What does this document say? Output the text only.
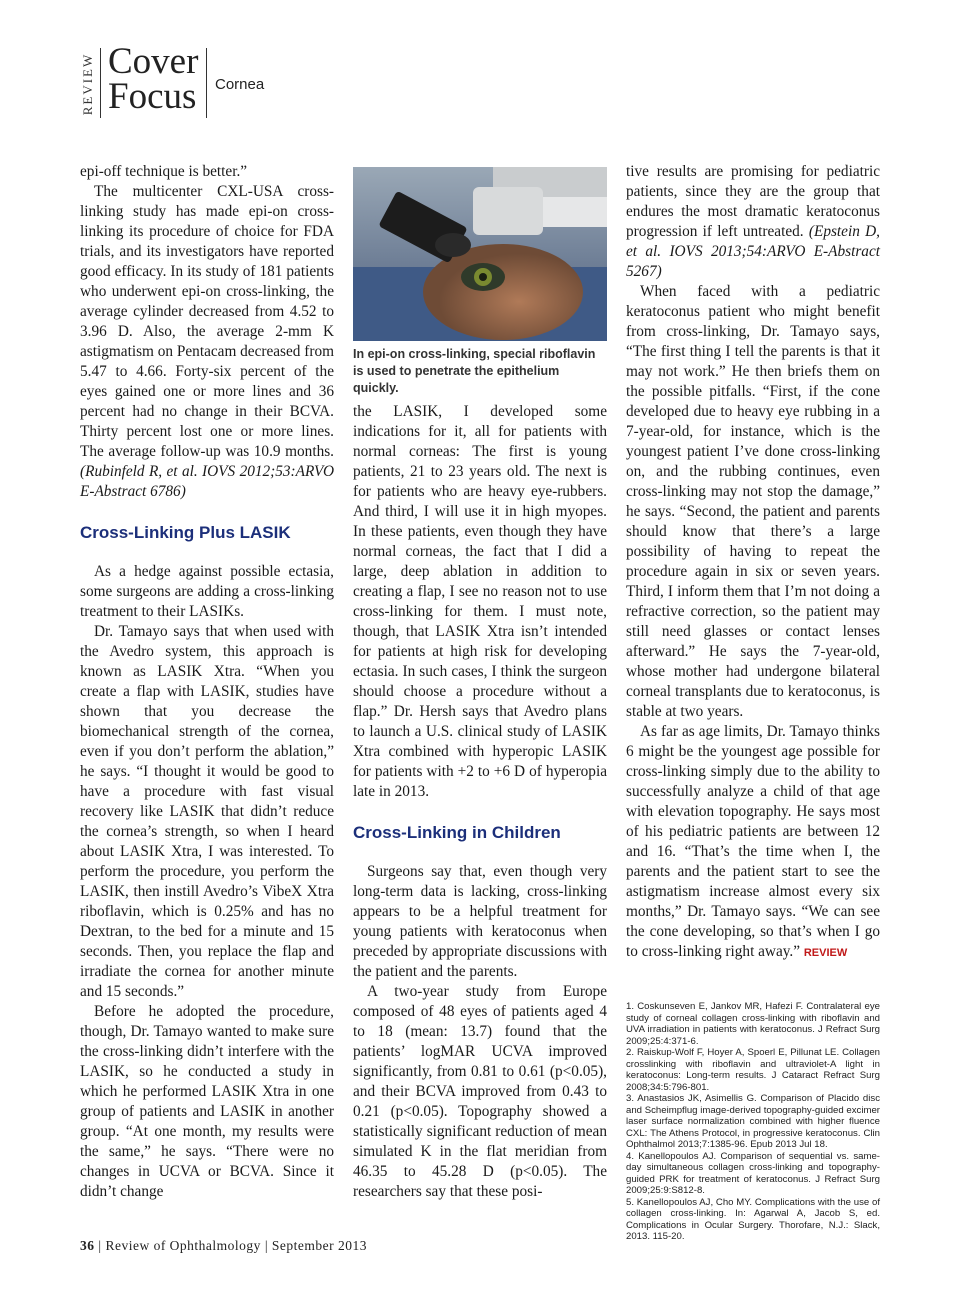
REVIEW Cover
Focus Cornea

epi-off technique is better.”

The multicenter CXL-USA cross-linking study has made epi-on cross-linking its procedure of choice for FDA trials, and its investigators have reported good efficacy. In its study of 181 patients who underwent epi-on cross-linking, the average cylinder decreased from 4.52 to 3.96 D. Also, the average 2-mm K astigmatism on Pentacam decreased from 5.47 to 4.66. Forty-six percent of the eyes gained one or more lines and 36 percent had no change in their BCVA. Thirty percent lost one or more lines. The average follow-up was 10.9 months. (Rubinfeld R, et al. IOVS 2012;53:ARVO E-Abstract 6786)

Cross-Linking Plus LASIK

As a hedge against possible ectasia, some surgeons are adding a cross-linking treatment to their LASIKs.

Dr. Tamayo says that when used with the Avedro system, this approach is known as LASIK Xtra. “When you create a flap with LASIK, studies have shown that you decrease the biomechanical strength of the cornea, even if you don’t perform the ablation,” he says. “I thought it would be good to have a procedure with fast visual recovery like LASIK that didn’t reduce the cornea’s strength, so when I heard about LASIK Xtra, I was interested. To perform the procedure, you perform the LASIK, then instill Avedro’s VibeX Xtra riboflavin, which is 0.25% and has no Dextran, to the bed for a minute and 15 seconds. Then, you replace the flap and irradiate the cornea for another minute and 15 seconds.”

Before he adopted the procedure, though, Dr. Tamayo wanted to make sure the cross-linking didn’t interfere with the LASIK, so he conducted a study in which he performed LASIK Xtra in one group of patients and LASIK in another group. “At one month, my results were the same,” he says. “There were no changes in UCVA or BCVA. Since it didn’t change

In epi-on cross-linking, special riboflavin is used to penetrate the epithelium quickly.

the LASIK, I developed some indications for it, all for patients with normal corneas: The first is young patients, 21 to 23 years old. The next is for patients who are heavy eye-rubbers. And third, I will use it in high myopes. In these patients, even though they have normal corneas, the fact that I did a large, deep ablation in addition to creating a flap, I see no reason not to use cross-linking for them. I must note, though, that LASIK Xtra isn’t intended for patients at high risk for developing ectasia. In such cases, I think the surgeon should choose a procedure without a flap.” Dr. Hersh says that Avedro plans to launch a U.S. clinical study of LASIK Xtra combined with hyperopic LASIK for patients with +2 to +6 D of hyperopia late in 2013.

Cross-Linking in Children

Surgeons say that, even though very long-term data is lacking, cross-linking appears to be a helpful treatment for young patients with keratoconus when preceded by appropriate discussions with the patient and the parents.

A two-year study from Europe composed of 48 eyes of patients aged 4 to 18 (mean: 13.7) found that the patients’ logMAR UCVA improved significantly, from 0.81 to 0.61 (p<0.05), and their BCVA improved from 0.43 to 0.21 (p<0.05). Topography showed a statistically significant reduction of mean simulated K in the flat meridian from 46.35 to 45.28 D (p<0.05). The researchers say that these posi-

tive results are promising for pediatric patients, since they are the group that endures the most dramatic keratoconus progression if left untreated. (Epstein D, et al. IOVS 2013;54:ARVO E-Abstract 5267)

When faced with a pediatric keratoconus patient who might benefit from cross-linking, Dr. Tamayo says, “The first thing I tell the parents is that it may not work.” He then briefs them on the possible pitfalls. “First, if the cone developed due to heavy eye rubbing in a 7-year-old, for instance, which is the youngest patient I’ve done cross-linking on, and the rubbing continues, even cross-linking may not stop the damage,” he says. “Second, the patient and parents should know that there’s a large possibility of having to repeat the procedure again in six or seven years. Third, I inform them that I’m not doing a refractive correction, so the patient may still need glasses or contact lenses afterward.” He says the 7-year-old, whose mother had undergone bilateral corneal transplants due to keratoconus, is stable at two years.

As far as age limits, Dr. Tamayo thinks 6 might be the youngest age possible for cross-linking simply due to the ability to successfully analyze a child of that age with elevation topography. He says most of his pediatric patients are between 12 and 16. “That’s the time when I, the parents and the patient start to see the astigmatism increase almost every six months,” Dr. Tamayo says. “We can see the cone developing, so that’s when I go to cross-linking right away.” REVIEW

1. Coskunseven E, Jankov MR, Hafezi F. Contralateral eye study of corneal collagen cross-linking with riboflavin and UVA irradiation in patients with keratoconus. J Refract Surg 2009;25:4:371-6.
2. Raiskup-Wolf F, Hoyer A, Spoerl E, Pillunat LE. Collagen crosslinking with riboflavin and ultraviolet-A light in keratoconus: Long-term results. J Cataract Refract Surg 2008;34:5:796-801.
3. Anastasios JK, Asimellis G. Comparison of Placido disc and Scheimpflug image-derived topography-guided excimer laser surface normalization combined with higher fluence CXL: The Athens Protocol, in progressive keratoconus. Clin Ophthalmol 2013;7:1385-96. Epub 2013 Jul 18.
4. Kanellopoulos AJ. Comparison of sequential vs. same-day simultaneous collagen cross-linking and topography-guided PRK for treatment of keratoconus. J Refract Surg 2009;25:9:S812-8.
5. Kanellopoulos AJ, Cho MY. Complications with the use of collagen cross-linking. In: Agarwal A, Jacob S, ed. Complications in Ocular Surgery. Thorofare, N.J.: Slack, 2013. 115-20.
36 | Review of Ophthalmology | September 2013
